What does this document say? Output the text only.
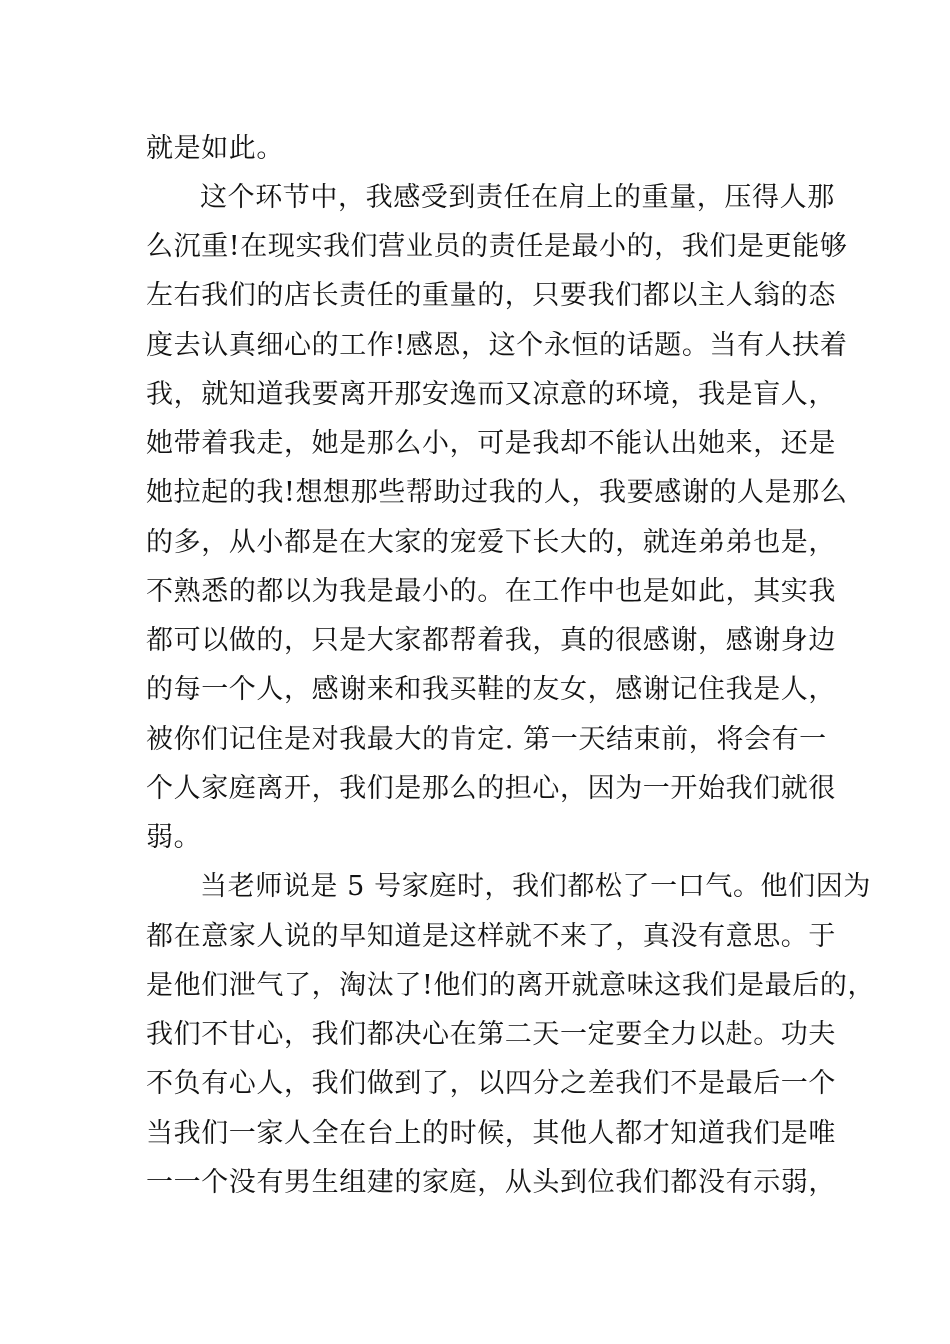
就是如此。
这个环节中，我感受到责任在肩上的重量，压得人那
么沉重!在现实我们营业员的责任是最小的，我们是更能够
左右我们的店长责任的重量的，只要我们都以主人翁的态
度去认真细心的工作!感恩，这个永恒的话题。当有人扶着
我，就知道我要离开那安逸而又凉意的环境，我是盲人，
她带着我走，她是那么小，可是我却不能认出她来，还是
她拉起的我!想想那些帮助过我的人，我要感谢的人是那么
的多，从小都是在大家的宠爱下长大的，就连弟弟也是，
不熟悉的都以为我是最小的。在工作中也是如此，其实我
都可以做的，只是大家都帮着我，真的很感谢，感谢身边
的每一个人，感谢来和我买鞋的友女，感谢记住我是人，
被你们记住是对我最大的肯定. 第一天结束前，将会有一
个人家庭离开，我们是那么的担心，因为一开始我们就很
弱。
当老师说是 5 号家庭时，我们都松了一口气。他们因为
都在意家人说的早知道是这样就不来了，真没有意思。于
是他们泄气了，淘汰了!他们的离开就意味这我们是最后的，
我们不甘心，我们都决心在第二天一定要全力以赴。功夫
不负有心人，我们做到了，以四分之差我们不是最后一个
当我们一家人全在台上的时候，其他人都才知道我们是唯
一一个没有男生组建的家庭，从头到位我们都没有示弱，
